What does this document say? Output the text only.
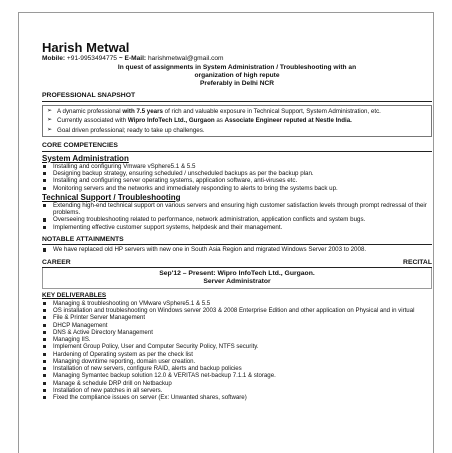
Harish Metwal
Mobile: +91-9953494775 ~ E-Mail: harishmetwal@gmail.com
In quest of assignments in System Administration / Troubleshooting with an
organization of high repute
Preferably in Delhi NCR
PROFESSIONAL SNAPSHOT
➢ A dynamic professional with 7.5 years of rich and valuable exposure in Technical Support, System Administration, etc.
➢ Currently associated with Wipro InfoTech Ltd., Gurgaon as Associate Engineer reputed at Nestle India.
➢ Goal driven professional; ready to take up challenges.
CORE COMPETENCIES
System Administration
Installing and configuring Vmware vSphere5.1 & 5.5
Designing backup strategy, ensuring scheduled / unscheduled backups as per the backup plan.
Installing and configuring server operating systems, application software, anti-viruses etc.
Monitoring servers and the networks and immediately responding to alerts to bring the systems back up.
Technical Support / Troubleshooting
Extending high-end technical support on various servers and ensuring high customer satisfaction levels through prompt redressal of their problems.
Overseeing troubleshooting related to performance, network administration, application conflicts and system bugs.
Implementing effective customer support systems, helpdesk and their management.
NOTABLE ATTAINMENTS
We have replaced old HP servers with new one in South Asia Region and migrated Windows Server 2003 to 2008.
CAREER	RECITAL
Sep'12 – Present: Wipro InfoTech Ltd., Gurgaon.
Server Administrator
KEY DELIVERABLES
Managing & troubleshooting on VMware vSphere5.1 & 5.5
OS installation and troubleshooting on Windows server 2003 & 2008 Enterprise Edition and other application on Physical and in virtual
File & Printer Server Management
DHCP Management
DNS & Active Directory Management
Managing IIS.
Implement Group Policy, User and Computer Security Policy, NTFS security.
Hardening of Operating system as per the check list
Managing downtime reporting, domain user creation.
Installation of new servers, configure RAID, alerts and backup policies
Managing Symantec backup solution 12.0 & VERITAS net-backup 7.1.1 & storage.
Manage & schedule DRP drill on Netbackup
Installation of new patches in all servers.
Fixed the compliance issues on server (Ex: Unwanted shares, software)
